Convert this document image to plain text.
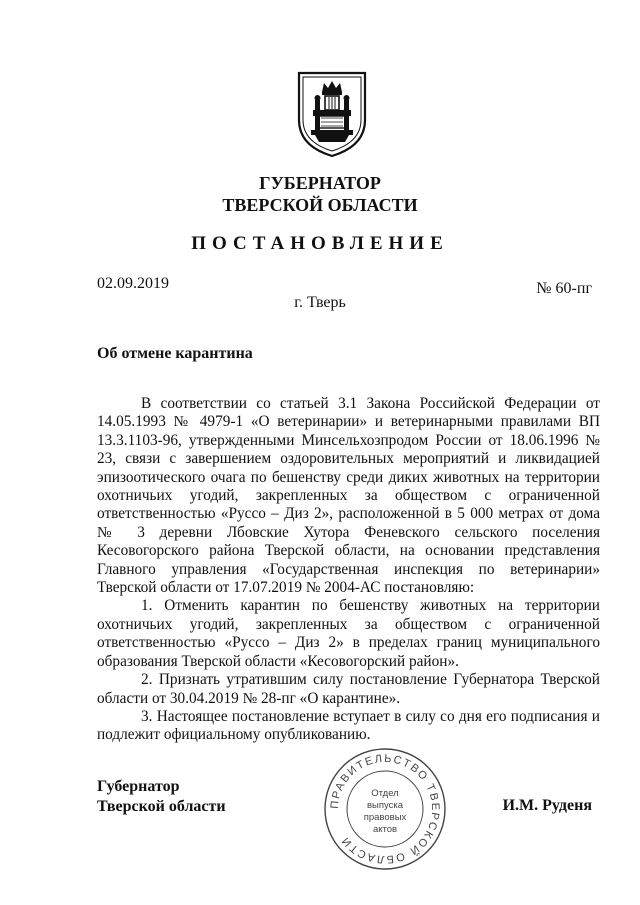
ГУБЕРНАТОР
ТВЕРСКОЙ ОБЛАСТИ
ПОСТАНОВЛЕНИЕ
02.09.2019	№ 60-пг
г. Тверь
Об отмене карантина

В соответствии со статьей 3.1 Закона Российской Федерации от 14.05.1993 № 4979-1 «О ветеринарии» и ветеринарными правилами ВП 13.3.1103-96, утвержденными Минсельхозпродом России от 18.06.1996 № 23, связи с завершением оздоровительных мероприятий и ликвидацией эпизоотического очага по бешенству среди диких животных на территории охотничьих угодий, закрепленных за обществом с ограниченной ответственностью «Руссо – Диз 2», расположенной в 5 000 метрах от дома № 3 деревни Лбовские Хутора Феневского сельского поселения Кесовогорского района Тверской области, на основании представления Главного управления «Государственная инспекция по ветеринарии» Тверской области от 17.07.2019 № 2004-АС постановляю:

1. Отменить карантин по бешенству животных на территории охотничьих угодий, закрепленных за обществом с ограниченной ответственностью «Руссо – Диз 2» в пределах границ муниципального образования Тверской области «Кесовогорский район».

2. Признать утратившим силу постановление Губернатора Тверской области от 30.04.2019 № 28-пг «О карантине».

3. Настоящее постановление вступает в силу со дня его подписания и подлежит официальному опубликованию.

Губернатор
Тверской области	И.М. Руденя
ПРАВИТЕЛЬСТВО ТВЕРСКОЙ ОБЛАСТИ
Отдел
выпуска
правовых
актов
